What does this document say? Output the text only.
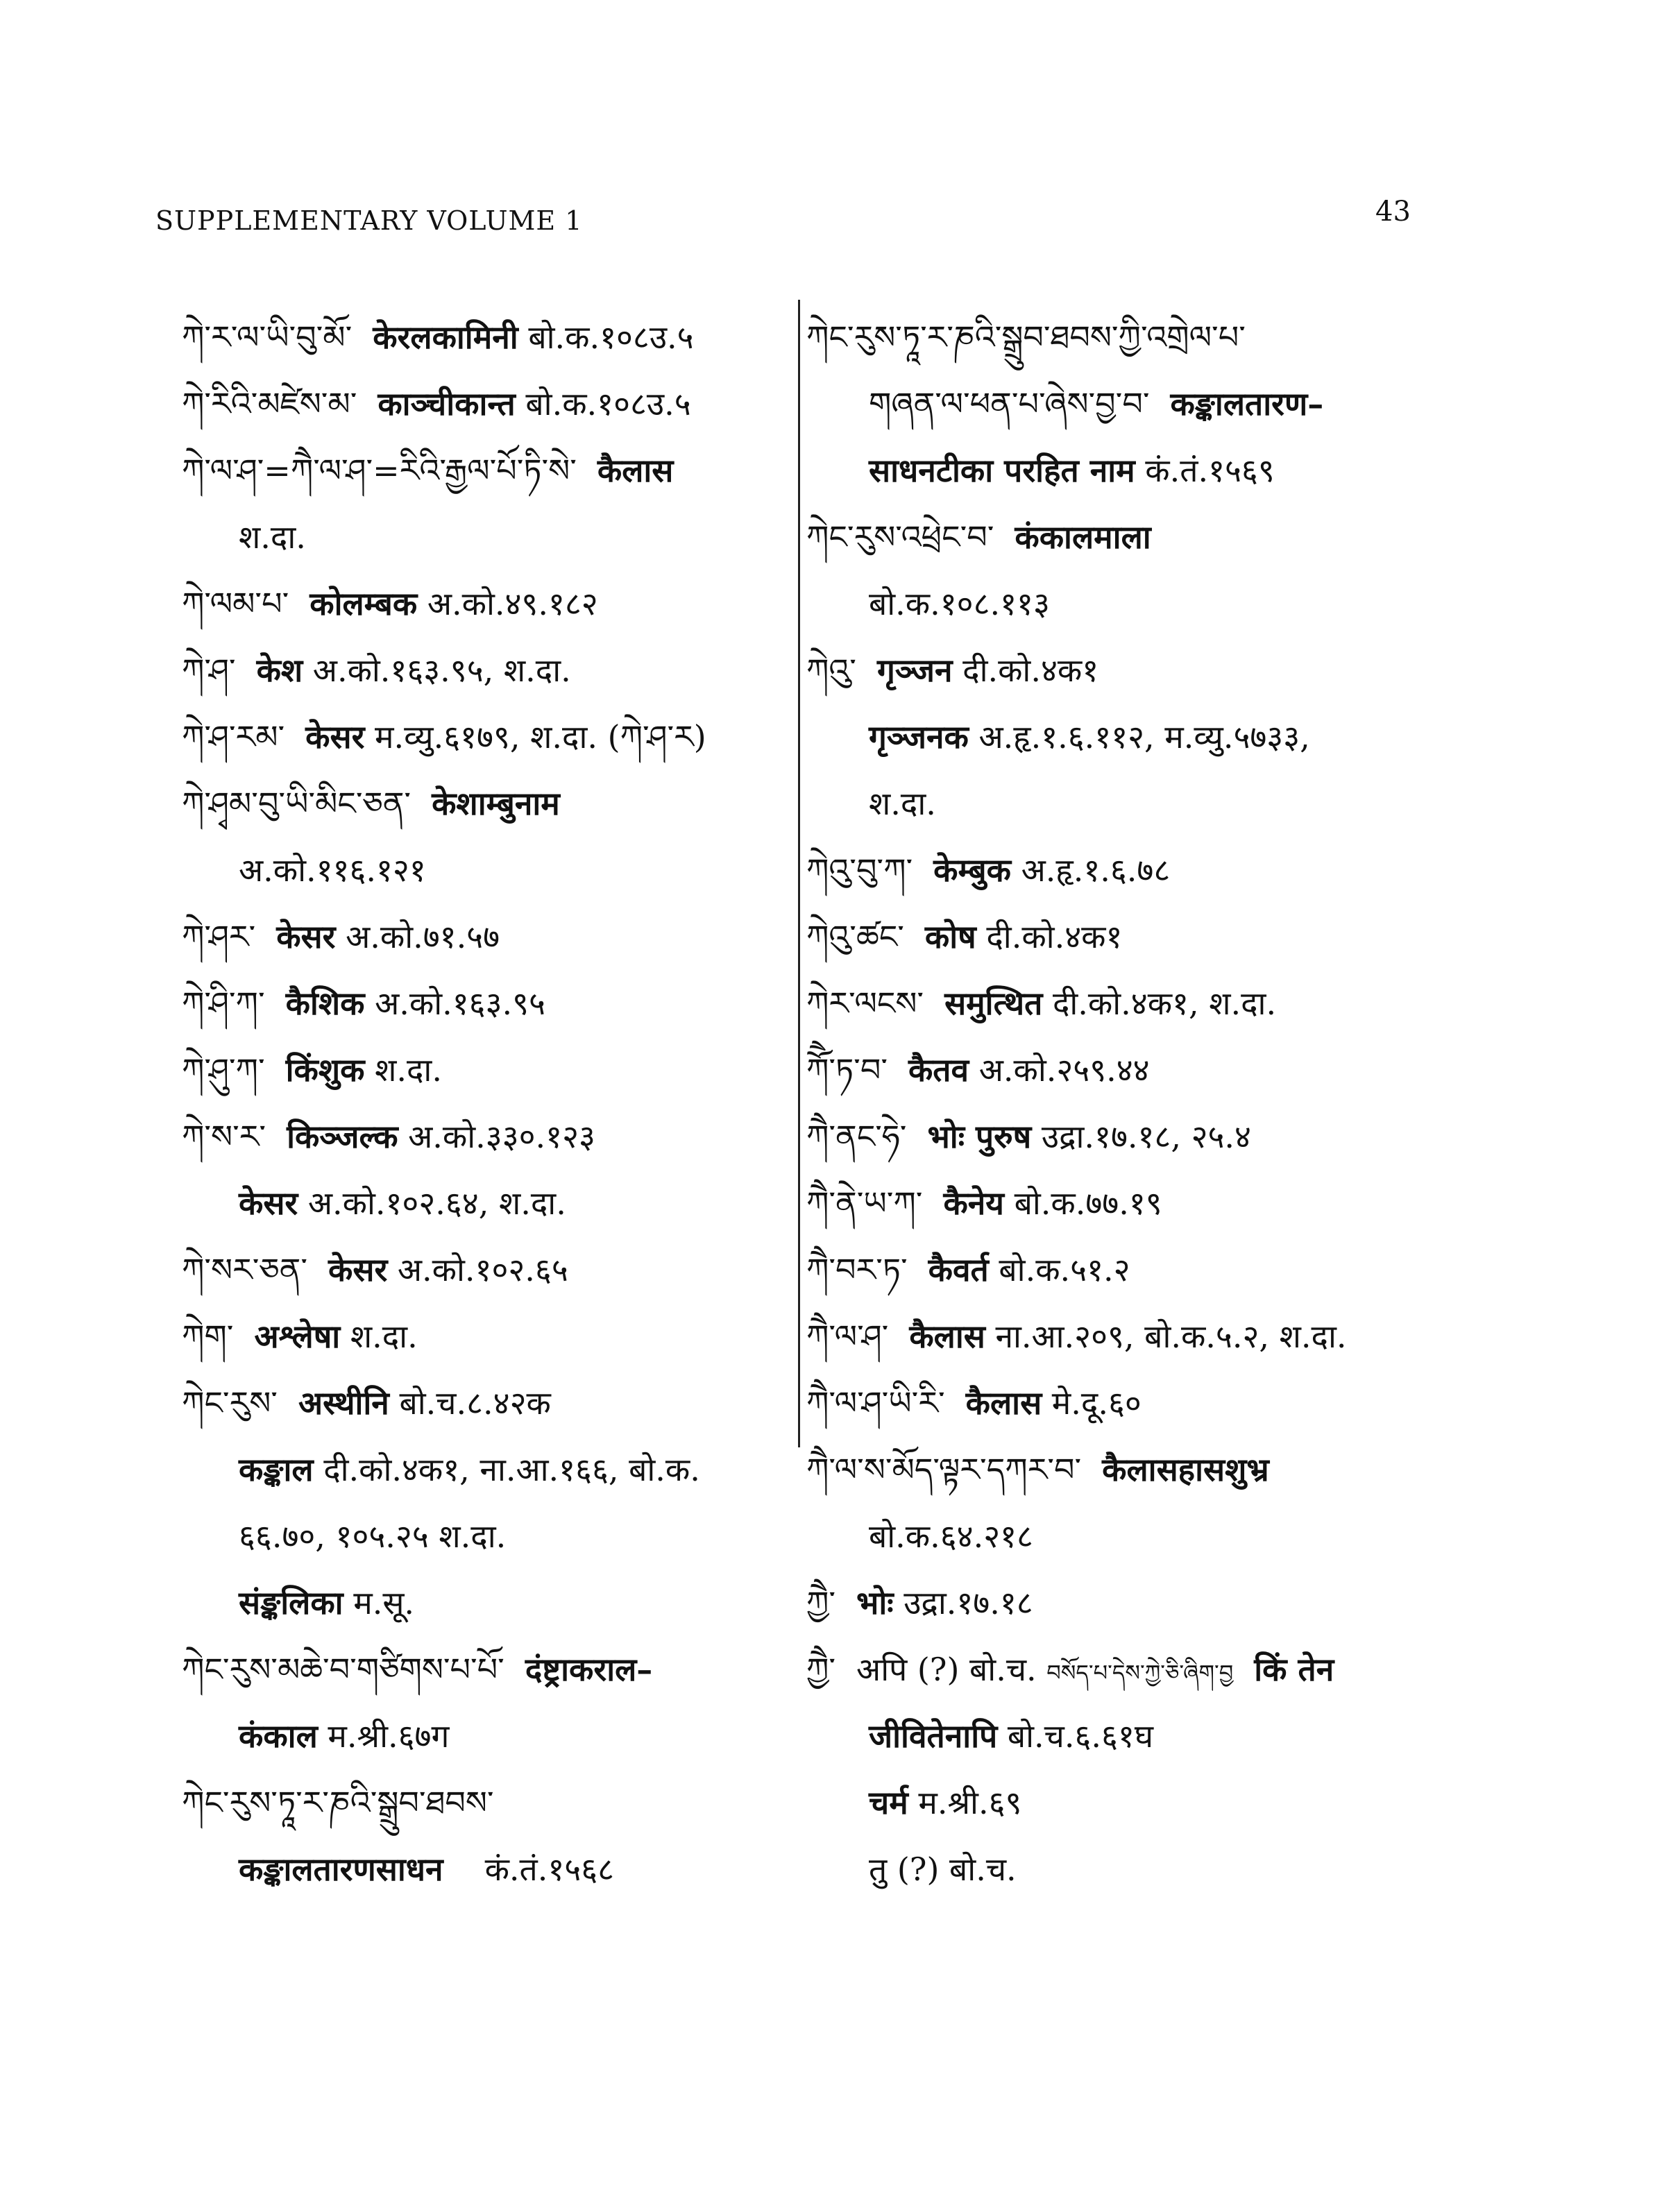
SUPPLEMENTARY VOLUME 1	43
ཀེ་ར་ལ་ཡི་བུ་མོ་ केरलकामिनी बो.क.१०८उ.५
ཀེ་རིའི་མཛེས་མ་ काञ्चीकान्त बो.क.१०८उ.५
ཀེ་ལ་ཤ་=ཀཻ་ལ་ཤ་=རིའི་རྒྱལ་པོ་ཏི་སེ་ कैलास
श.दा.
ཀེ་ལམ་པ་ कोलम्बक अ.को.४९.१८२
ཀེ་ཤ་ केश अ.को.१६३.९५, श.दा.
ཀེ་ཤ་རམ་ केसर म.व्यु.६१७९, श.दा. (ཀེ་ཤ་ར)
ཀེ་ཤྭམ་བུ་ཡི་མིང་ཅན་ केशाम्बुनाम
अ.को.११६.१२१
ཀེ་ཤར་ केसर अ.को.७१.५७
ཀེ་ཤི་ཀ་ कैशिक अ.को.१६३.९५
ཀེ་ཤུ་ཀ་ किंशुक श.दा.
ཀེ་ས་ར་ किञ्जल्क अ.को.३३०.१२३
केसर अ.को.१०२.६४, श.दा.
ཀེ་སར་ཅན་ केसर अ.को.१०२.६५
ཀེག་ अश्लेषा श.दा.
ཀེང་རུས་ अस्थीनि बो.च.८.४२क
कङ्काल दी.को.४क१, ना.आ.१६६, बो.क.
६६.७०, १०५.२५ श.दा.
संङ्कलिका म.सू.
ཀེང་རུས་མཆེ་བ་གཙིགས་པ་པོ་ दंष्ट्राकराल–
कंकाल म.श्री.६७ग
ཀེང་རུས་ཏཱ་ར་ཎའི་སྒྲུབ་ཐབས་
कङ्कालतारणसाधन कं.तं.१५६८
ཀེང་རུས་ཏཱ་ར་ཎའི་སྒྲུབ་ཐབས་ཀྱི་འགྲེལ་པ་
གཞན་ལ་ཕན་པ་ཞེས་བྱ་བ་ कङ्कालतारण–
साधनटीका परहित नाम कं.तं.१५६९
ཀེང་རུས་འཕྲེང་བ་ कंकालमाला
बो.क.१०८.११३
ཀེའུ་ गृञ्जन दी.को.४क१
गृञ्जनक अ.हृ.१.६.११२, म.व्यु.५७३३,
श.दा.
ཀེའུ་བུ་ཀ་ केम्बुक अ.हृ.१.६.७८
ཀེའུ་ཚང་ कोष दी.को.४क१
ཀེར་ལངས་ समुत्थित दी.को.४क१, श.दा.
ཀོཻ་ཏ་བ་ कैतव अ.को.२५९.४४
ཀཻ་ནང་ཧེ་ भोः पुरुष उद्रा.१७.१८, २५.४
ཀཻ་ནེ་ཡ་ཀ་ कैनेय बो.क.७७.१९
ཀཻ་བར་ཏ་ कैवर्त बो.क.५१.२
ཀཻ་ལ་ཤ་ कैलास ना.आ.२०९, बो.क.५.२, श.दा.
ཀཻ་ལ་ཤ་ཡི་རི་ कैलास मे.दू.६०
ཀཻ་ལ་ས་མོད་ལྟར་དཀར་བ་ कैलासहासशुभ्र
बो.क.६४.२१८
ཀྱཻ་ भोः उद्रा.१७.१८
ཀྱཻ་ अपि (?) बो.च. བསོད་པ་དེས་ཀྱེ་ཅི་ཞིག་བྱ किं तेन
जीवितेनापि बो.च.६.६१घ
चर्म म.श्री.६९
तु (?) बो.च.
